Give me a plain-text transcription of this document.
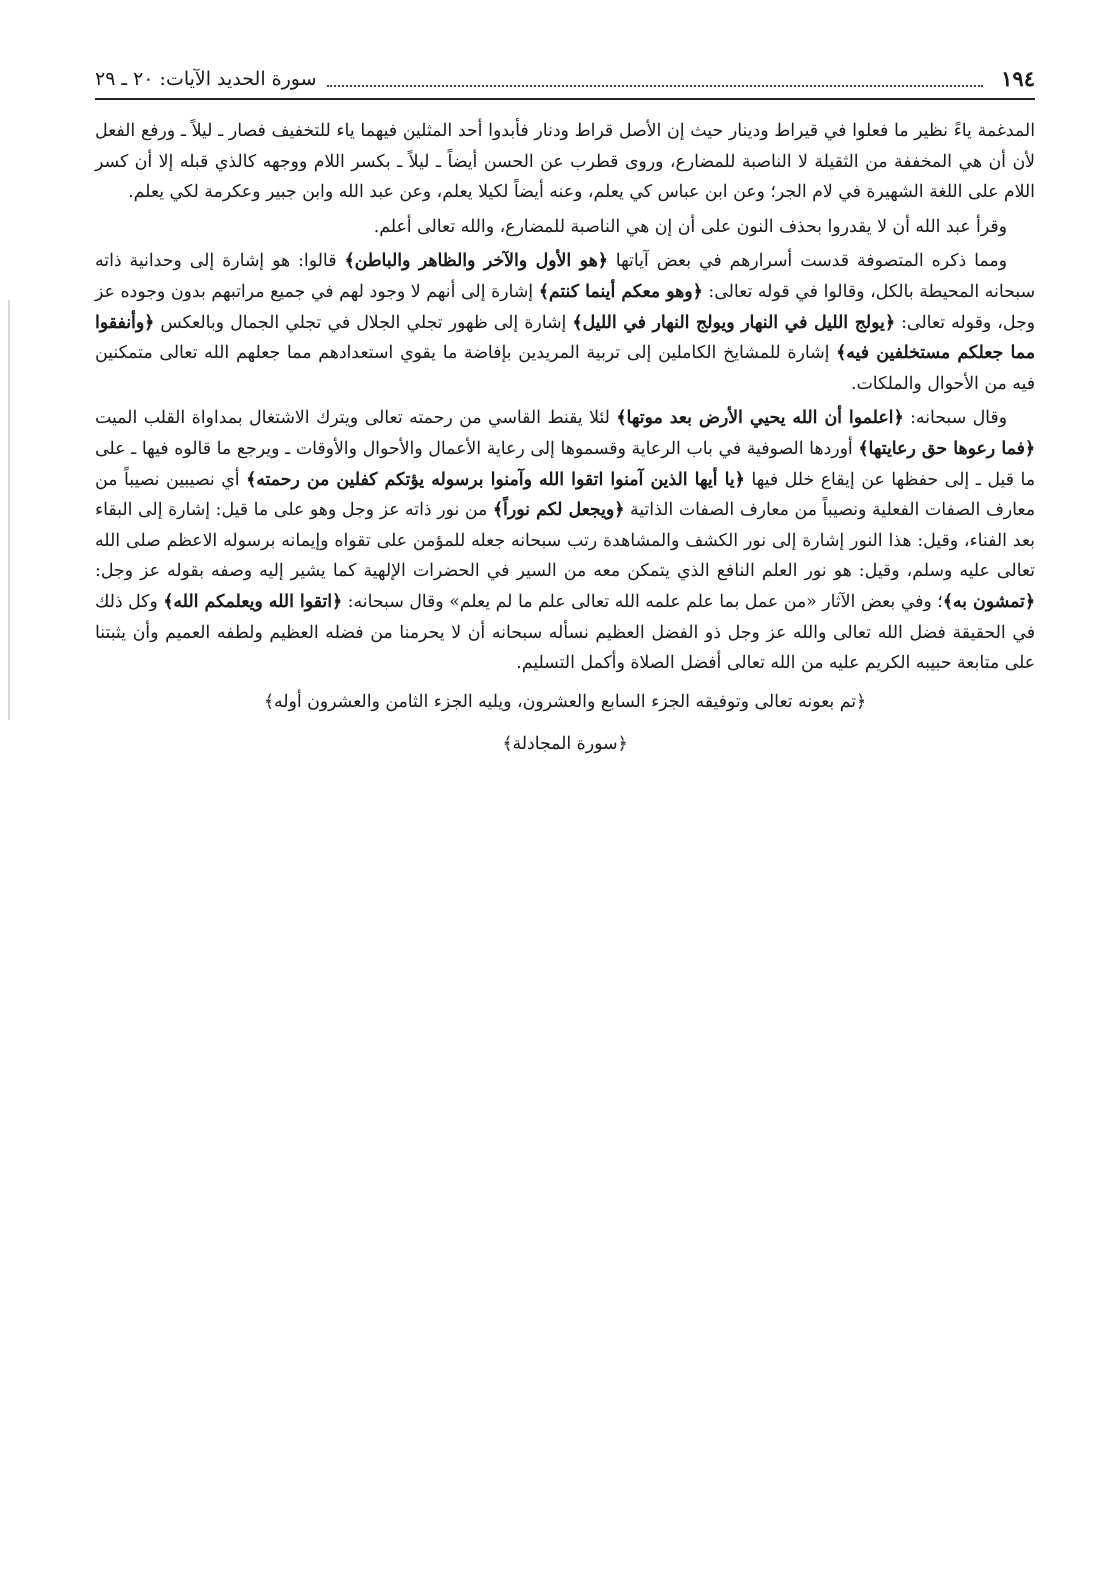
١٩٤
سورة الحديد الآيات: ٢٠ ـ ٢٩

المدغمة ياءً نظير ما فعلوا في قيراط ودينار حيث إن الأصل قراط ودنار فأبدوا أحد المثلين فيهما ياء للتخفيف فصار ـ ليلاً ـ ورفع الفعل لأن أن هي المخففة من الثقيلة لا الناصبة للمضارع، وروى قطرب عن الحسن أيضاً ـ ليلاً ـ بكسر اللام ووجهه كالذي قبله إلا أن كسر اللام على اللغة الشهيرة في لام الجر؛ وعن ابن عباس كي يعلم، وعنه أيضاً لكيلا يعلم، وعن عبد الله وابن جبير وعكرمة لكي يعلم.

وقرأ عبد الله أن لا يقدروا بحذف النون على أن إن هي الناصبة للمضارع، والله تعالى أعلم.

ومما ذكره المتصوفة قدست أسرارهم في بعض آياتها ﴿هو الأول والآخر والظاهر والباطن﴾ قالوا: هو إشارة إلى وحدانية ذاته سبحانه المحيطة بالكل، وقالوا في قوله تعالى: ﴿وهو معكم أينما كنتم﴾ إشارة إلى أنهم لا وجود لهم في جميع مراتبهم بدون وجوده عز وجل، وقوله تعالى: ﴿يولج الليل في النهار ويولج النهار في الليل﴾ إشارة إلى ظهور تجلي الجلال في تجلي الجمال وبالعكس ﴿وأنفقوا مما جعلكم مستخلفين فيه﴾ إشارة للمشايخ الكاملين إلى تربية المريدين بإفاضة ما يقوي استعدادهم مما جعلهم الله تعالى متمكنين فيه من الأحوال والملكات.

وقال سبحانه: ﴿اعلموا أن الله يحيي الأرض بعد موتها﴾ لئلا يقنط القاسي من رحمته تعالى ويترك الاشتغال بمداواة القلب الميت ﴿فما رعوها حق رعايتها﴾ أوردها الصوفية في باب الرعاية وقسموها إلى رعاية الأعمال والأحوال والأوقات ـ ويرجع ما قالوه فيها ـ على ما قيل ـ إلى حفظها عن إيقاع خلل فيها ﴿يا أيها الذين آمنوا اتقوا الله وآمنوا برسوله يؤتكم كفلين من رحمته﴾ أي نصيبين نصيباً من معارف الصفات الفعلية ونصيباً من معارف الصفات الذاتية ﴿ويجعل لكم نوراً﴾ من نور ذاته عز وجل وهو على ما قيل: إشارة إلى البقاء بعد الفناء، وقيل: هذا النور إشارة إلى نور الكشف والمشاهدة رتب سبحانه جعله للمؤمن على تقواه وإيمانه برسوله الاعظم صلى الله تعالى عليه وسلم، وقيل: هو نور العلم النافع الذي يتمكن معه من السير في الحضرات الإلهية كما يشير إليه وصفه بقوله عز وجل: ﴿تمشون به﴾؛ وفي بعض الآثار «من عمل بما علم علمه الله تعالى علم ما لم يعلم» وقال سبحانه: ﴿اتقوا الله ويعلمكم الله﴾ وكل ذلك في الحقيقة فضل الله تعالى والله عز وجل ذو الفضل العظيم نسأله سبحانه أن لا يحرمنا من فضله العظيم ولطفه العميم وأن يثبتنا على متابعة حبيبه الكريم عليه من الله تعالى أفضل الصلاة وأكمل التسليم.

﴿تم بعونه تعالى وتوفيقه الجزء السابع والعشرون، ويليه الجزء الثامن والعشرون أوله﴾

﴿سورة المجادلة﴾
